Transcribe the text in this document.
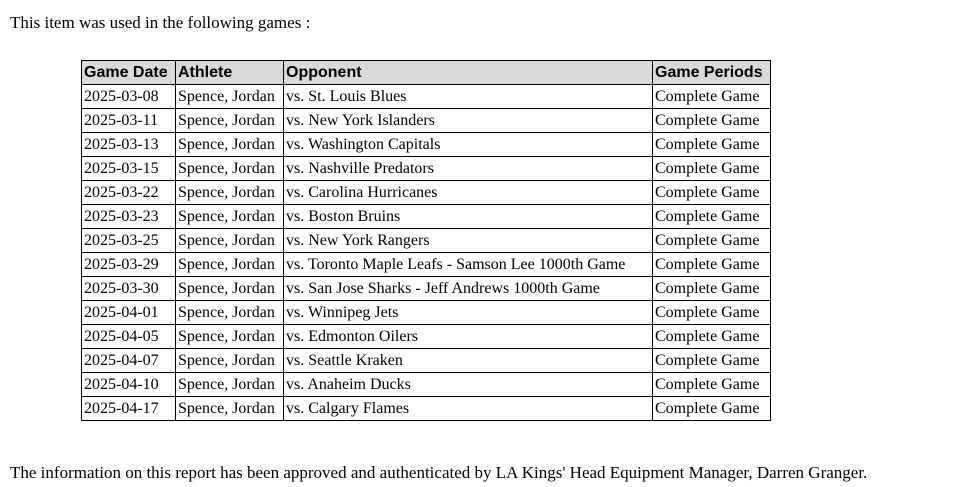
This item was used in the following games :

Game Date	Athlete	Opponent	Game Periods
2025-03-08	Spence, Jordan	vs. St. Louis Blues	Complete Game
2025-03-11	Spence, Jordan	vs. New York Islanders	Complete Game
2025-03-13	Spence, Jordan	vs. Washington Capitals	Complete Game
2025-03-15	Spence, Jordan	vs. Nashville Predators	Complete Game
2025-03-22	Spence, Jordan	vs. Carolina Hurricanes	Complete Game
2025-03-23	Spence, Jordan	vs. Boston Bruins	Complete Game
2025-03-25	Spence, Jordan	vs. New York Rangers	Complete Game
2025-03-29	Spence, Jordan	vs. Toronto Maple Leafs - Samson Lee 1000th Game	Complete Game
2025-03-30	Spence, Jordan	vs. San Jose Sharks - Jeff Andrews 1000th Game	Complete Game
2025-04-01	Spence, Jordan	vs. Winnipeg Jets	Complete Game
2025-04-05	Spence, Jordan	vs. Edmonton Oilers	Complete Game
2025-04-07	Spence, Jordan	vs. Seattle Kraken	Complete Game
2025-04-10	Spence, Jordan	vs. Anaheim Ducks	Complete Game
2025-04-17	Spence, Jordan	vs. Calgary Flames	Complete Game

The information on this report has been approved and authenticated by LA Kings' Head Equipment Manager, Darren Granger.
